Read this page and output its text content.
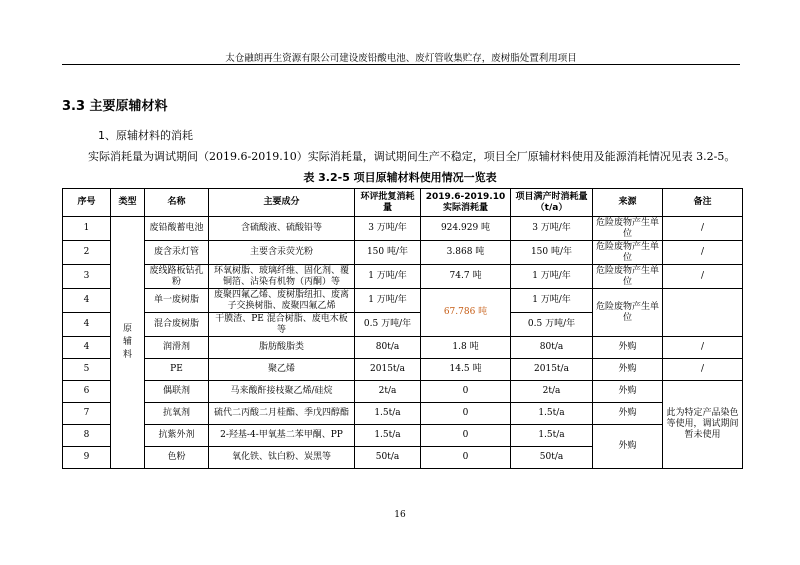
太仓融朗再生资源有限公司建设废铅酸电池、废灯管收集贮存，废树脂处置利用项目
3.3 主要原辅材料
1、原辅材料的消耗
实际消耗量为调试期间（2019.6-2019.10）实际消耗量，调试期间生产不稳定，项目全厂原辅材料使用及能源消耗情况见表 3.2-5。
表 3.2-5 项目原辅材料使用情况一览表
序号	类型	名称	主要成分	环评批复消耗量	2019.6-2019.10 实际消耗量	项目满产时消耗量（t/a）	来源	备注
1	原辅料	废铅酸蓄电池	含硫酸液、硫酸铅等	3 万吨/年	924.929 吨	3 万吨/年	危险废物产生单位	/
2		废含汞灯管	主要含汞荧光粉	150 吨/年	3.868 吨	150 吨/年	危险废物产生单位	/
3		废线路板钻孔粉	环氧树脂、玻璃纤维、固化剂、覆铜箔、沾染有机物（丙酮）等	1 万吨/年	74.7 吨	1 万吨/年	危险废物产生单位	/
4		单一废树脂	废聚四氟乙烯、废树脂纽扣、废离子交换树脂、废聚四氟乙烯	1 万吨/年	67.786 吨	1 万吨/年	危险废物产生单位	
4		混合废树脂	干膜渣、PE 混合树脂、废电木板等	0.5 万吨/年		0.5 万吨/年		
4		润滑剂	脂肪酸脂类	80t/a	1.8 吨	80t/a	外购	/
5		PE	聚乙烯	2015t/a	14.5 吨	2015t/a	外购	/
6		偶联剂	马来酸酐接枝聚乙烯/硅烷	2t/a	0	2t/a	外购	此为特定产品染色等使用，调试期间暂未使用
7		抗氧剂	硫代二丙酸二月桂酯、季戊四醇酯	1.5t/a	0	1.5t/a	外购	
8		抗紫外剂	2-羟基-4-甲氧基二苯甲酮、PP	1.5t/a	0	1.5t/a	外购	
9		色粉	氧化铁、钛白粉、炭黑等	50t/a	0	50t/a		
16
